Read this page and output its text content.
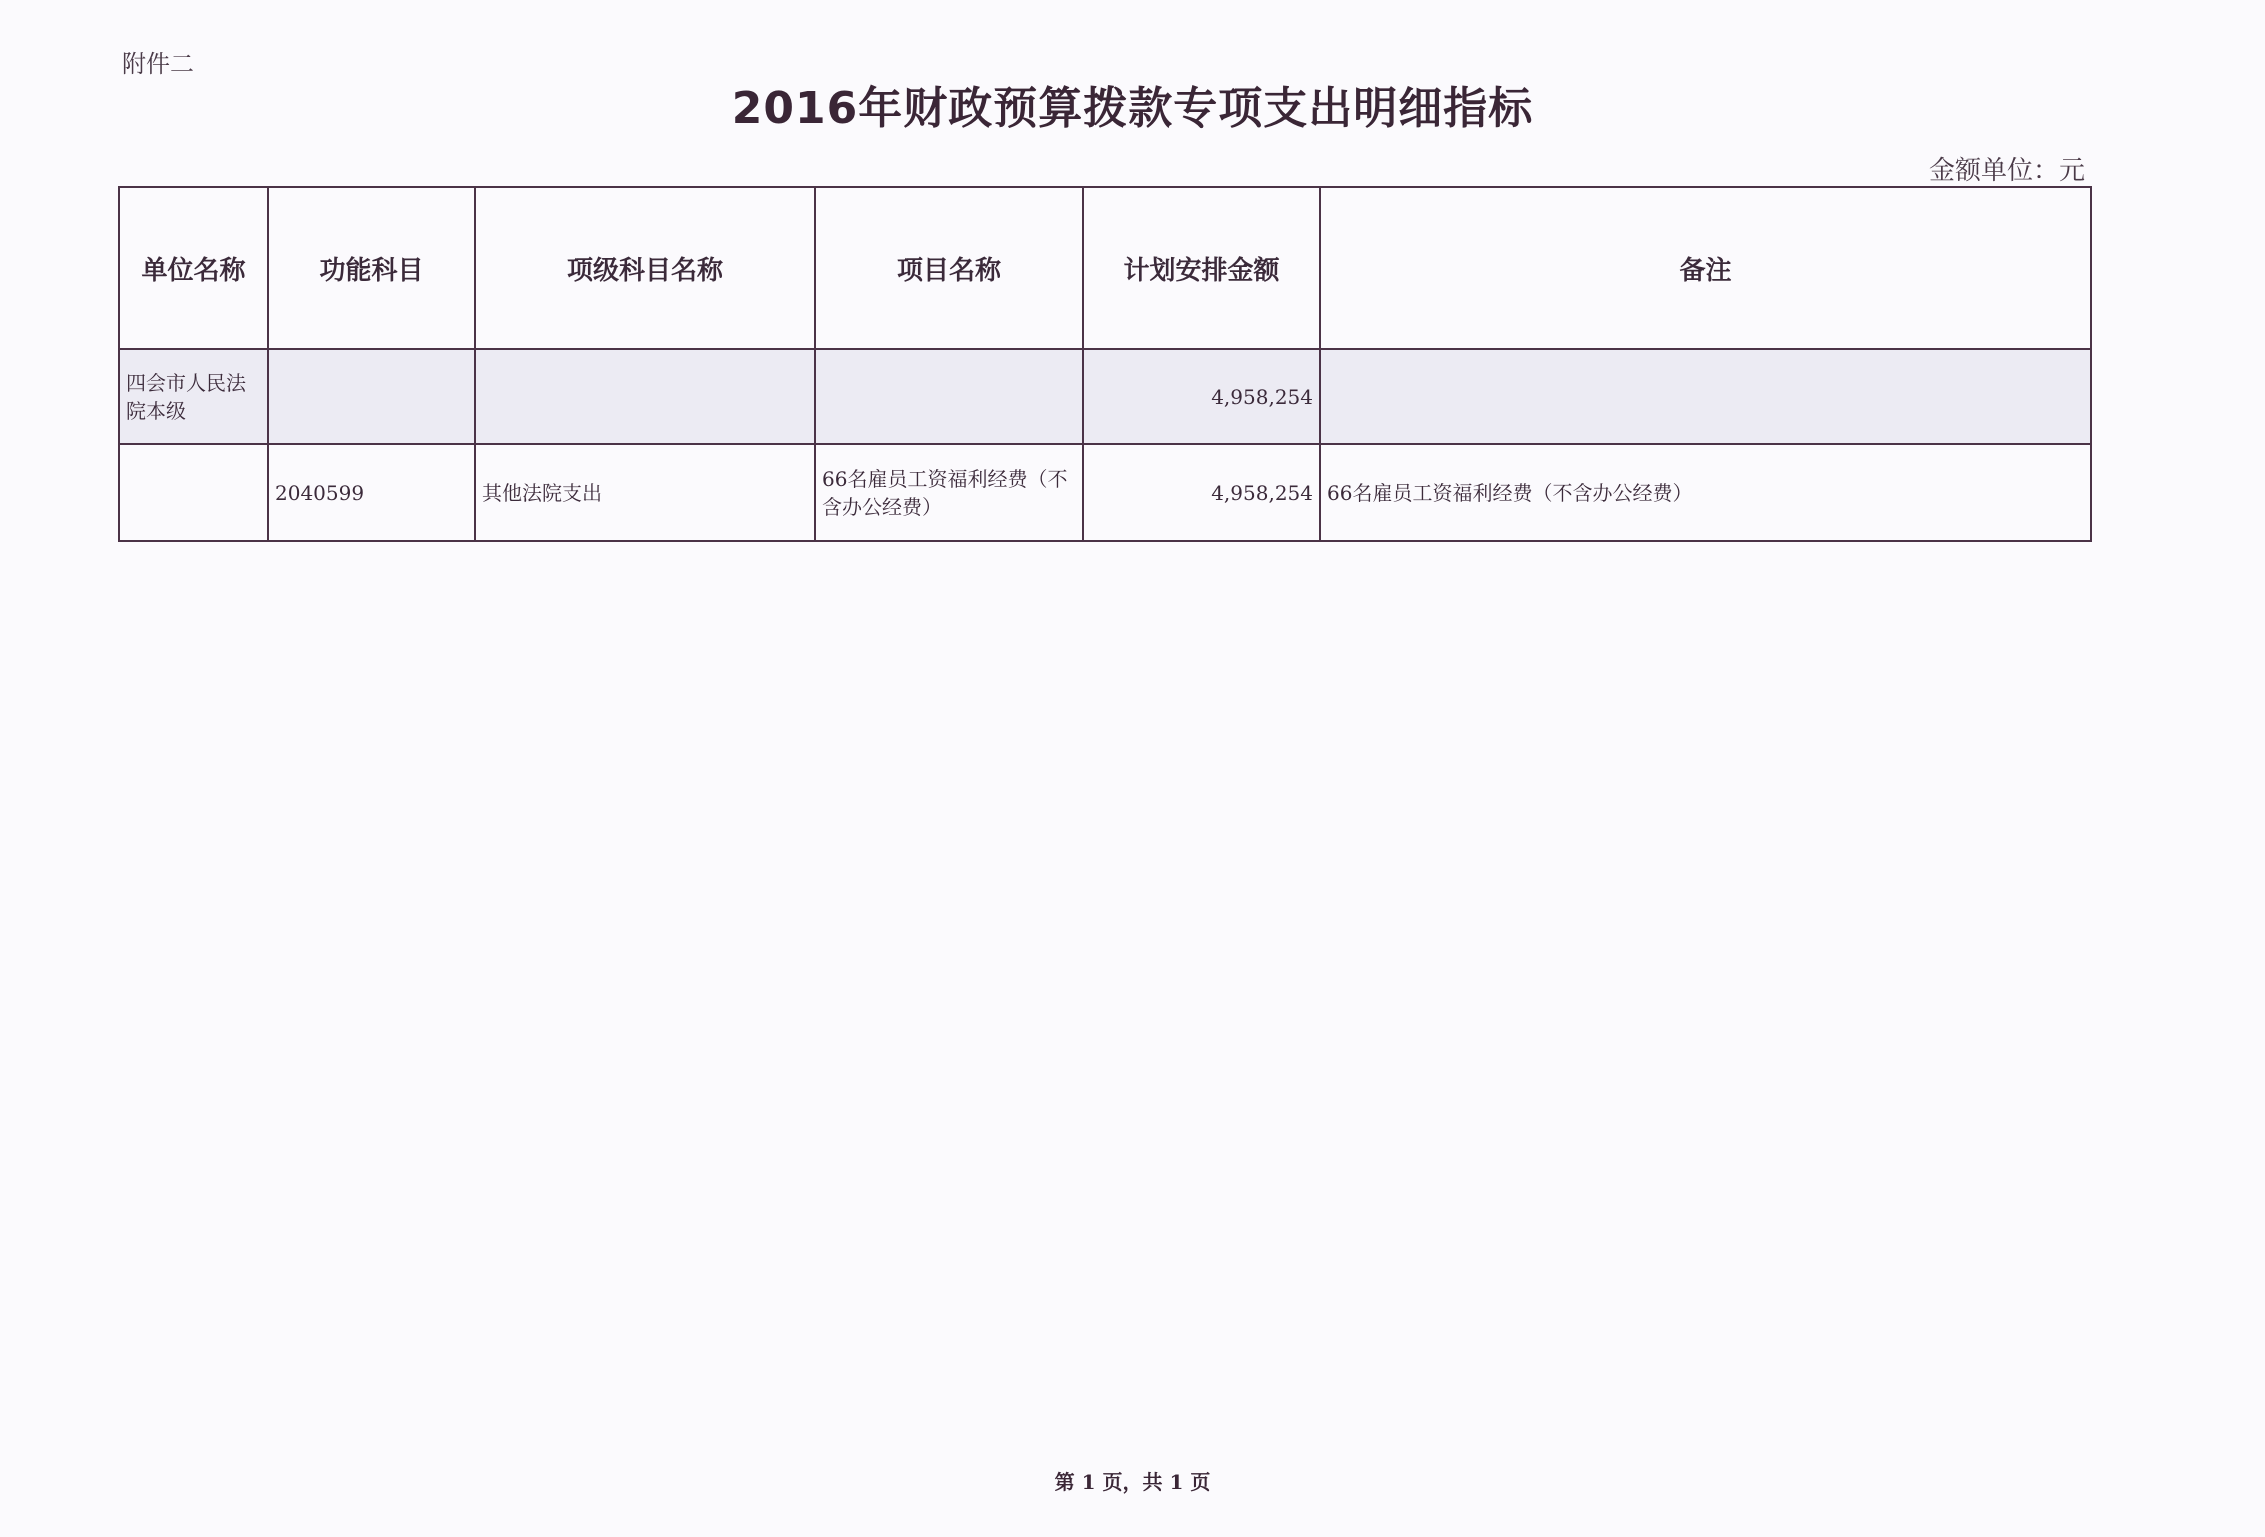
附件二
2016年财政预算拨款专项支出明细指标
金额单位：元
单位名称	功能科目	项级科目名称	项目名称	计划安排金额	备注
四会市人民法院本级				4,958,254	
	2040599	其他法院支出	66名雇员工资福利经费（不含办公经费）	4,958,254	66名雇员工资福利经费（不含办公经费）
第 1 页，共 1 页
